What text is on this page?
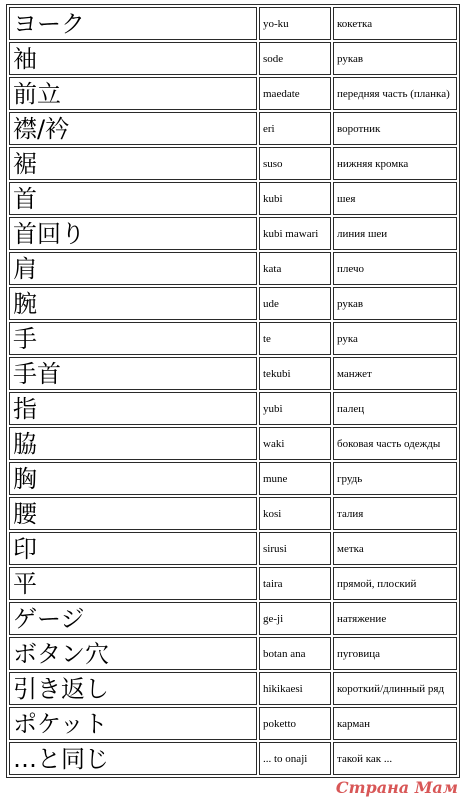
ヨーク	yo-ku	кокетка
袖	sode	рукав
前立	maedate	передняя часть (планка)
襟/衿	eri	воротник
裾	suso	нижняя кромка
首	kubi	шея
首回り	kubi mawari	линия шеи
肩	kata	плечо
腕	ude	рукав
手	te	рука
手首	tekubi	манжет
指	yubi	палец
脇	waki	боковая часть одежды
胸	mune	грудь
腰	kosi	талия
印	sirusi	метка
平	taira	прямой, плоский
ゲージ	ge-ji	натяжение
ボタン穴	botan ana	пуговица
引き返し	hikikaesi	короткий/длинный ряд
ポケット	poketto	карман
…と同じ	... to onaji	такой как ...
Страна Мам
